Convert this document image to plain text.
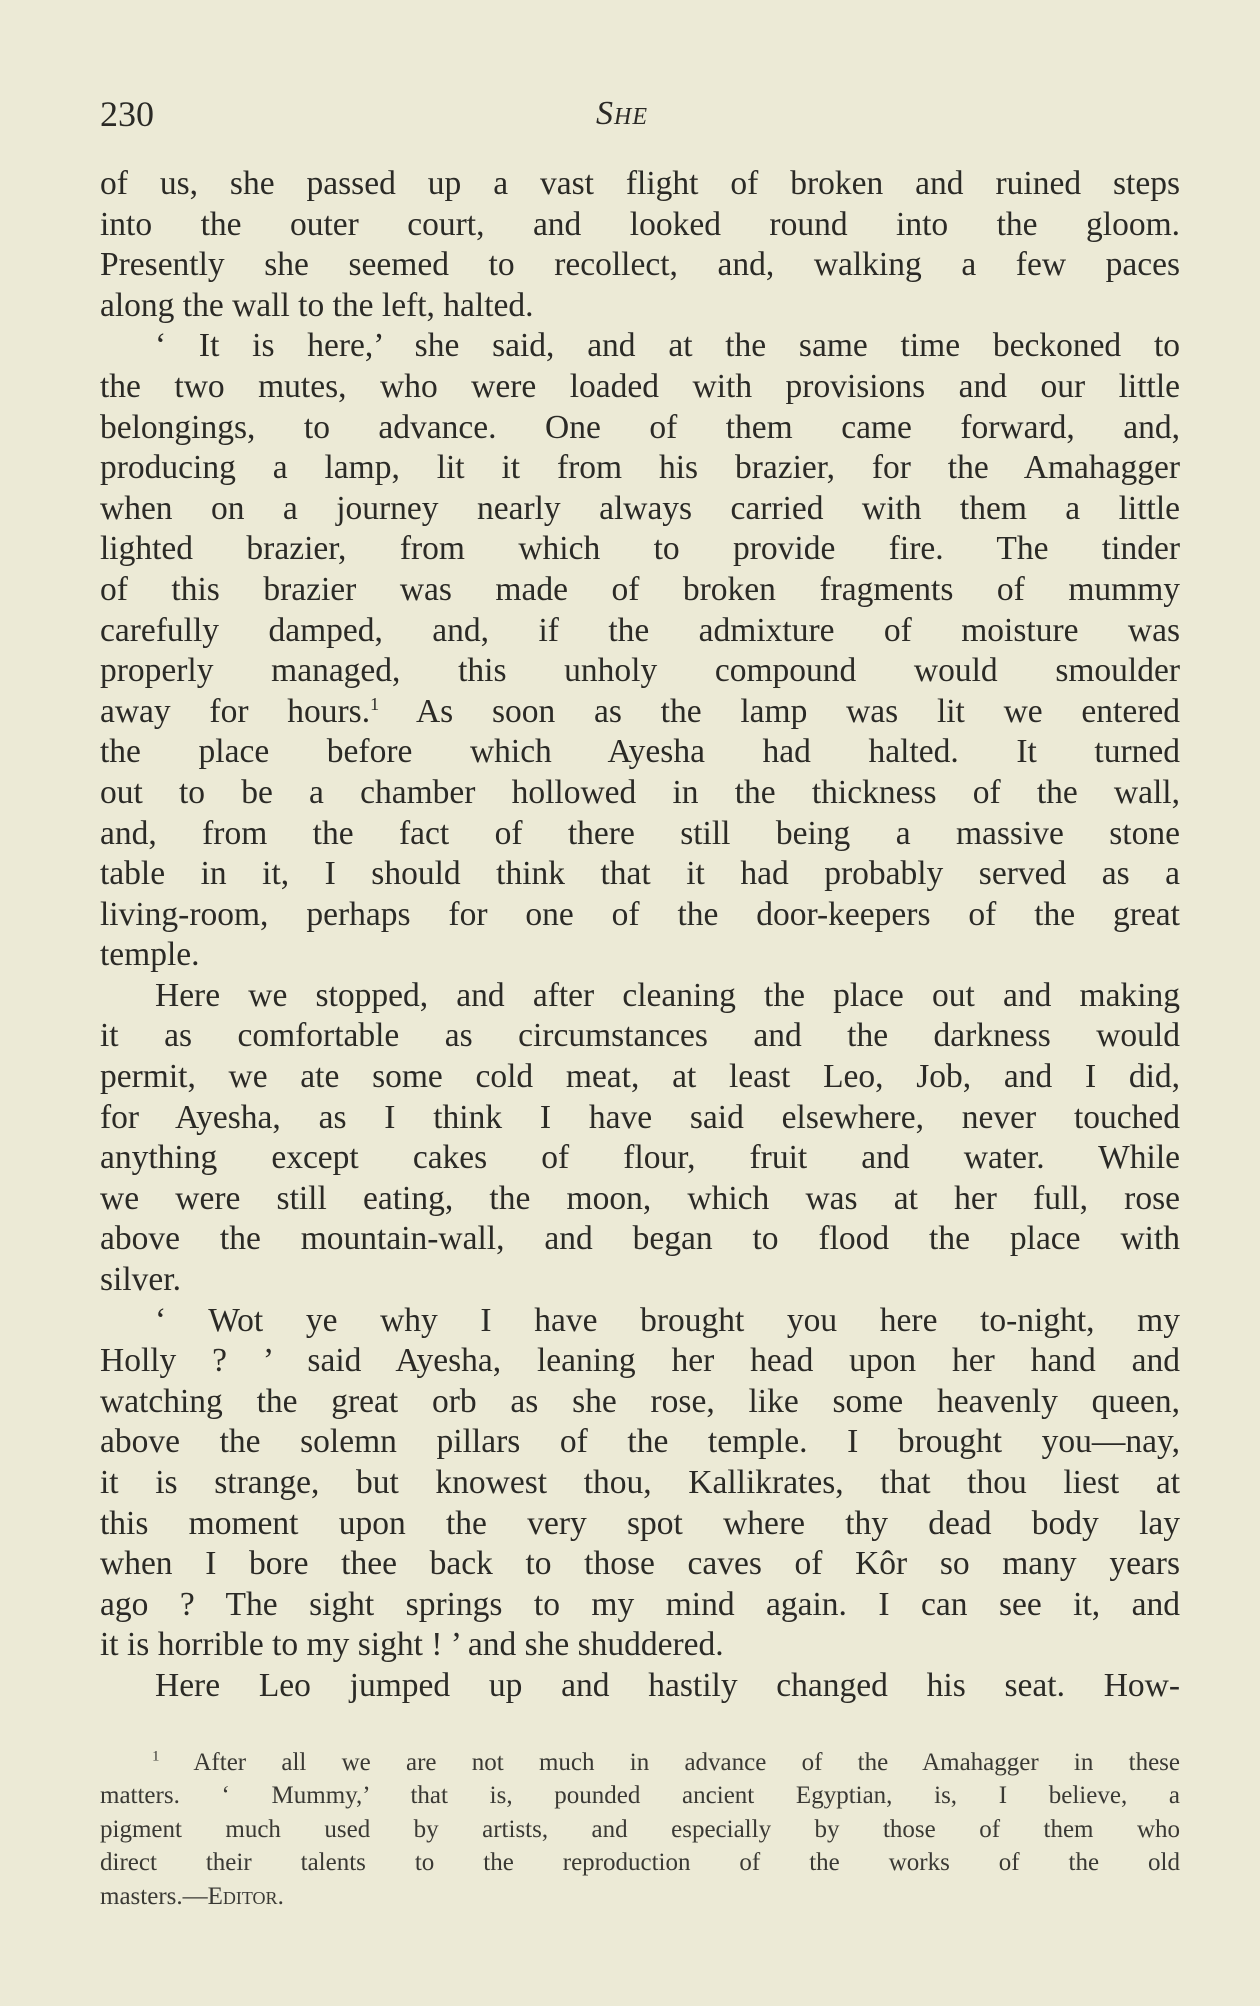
230	She
of us, she passed up a vast flight of broken and ruined steps
into the outer court, and looked round into the gloom.
Presently she seemed to recollect, and, walking a few paces
along the wall to the left, halted.
‘ It is here,’ she said, and at the same time beckoned to
the two mutes, who were loaded with provisions and our little
belongings, to advance. One of them came forward, and,
producing a lamp, lit it from his brazier, for the Amahagger
when on a journey nearly always carried with them a little
lighted brazier, from which to provide fire. The tinder
of this brazier was made of broken fragments of mummy
carefully damped, and, if the admixture of moisture was
properly managed, this unholy compound would smoulder
away for hours.$^1$ As soon as the lamp was lit we entered
the place before which Ayesha had halted. It turned
out to be a chamber hollowed in the thickness of the wall,
and, from the fact of there still being a massive stone
table in it, I should think that it had probably served as a
living-room, perhaps for one of the door-keepers of the great
temple.
Here we stopped, and after cleaning the place out and making
it as comfortable as circumstances and the darkness would
permit, we ate some cold meat, at least Leo, Job, and I did,
for Ayesha, as I think I have said elsewhere, never touched
anything except cakes of flour, fruit and water. While
we were still eating, the moon, which was at her full, rose
above the mountain-wall, and began to flood the place with
silver.
‘ Wot ye why I have brought you here to-night, my
Holly ? ’ said Ayesha, leaning her head upon her hand and
watching the great orb as she rose, like some heavenly queen,
above the solemn pillars of the temple. I brought you—nay,
it is strange, but knowest thou, Kallikrates, that thou liest at
this moment upon the very spot where thy dead body lay
when I bore thee back to those caves of Kôr so many years
ago ? The sight springs to my mind again. I can see it, and
it is horrible to my sight ! ’ and she shuddered.
Here Leo jumped up and hastily changed his seat. How-
$^1$ After all we are not much in advance of the Amahagger in these
matters. ‘ Mummy,’ that is, pounded ancient Egyptian, is, I believe, a
pigment much used by artists, and especially by those of them who
direct their talents to the reproduction of the works of the old
masters.—Editor.
